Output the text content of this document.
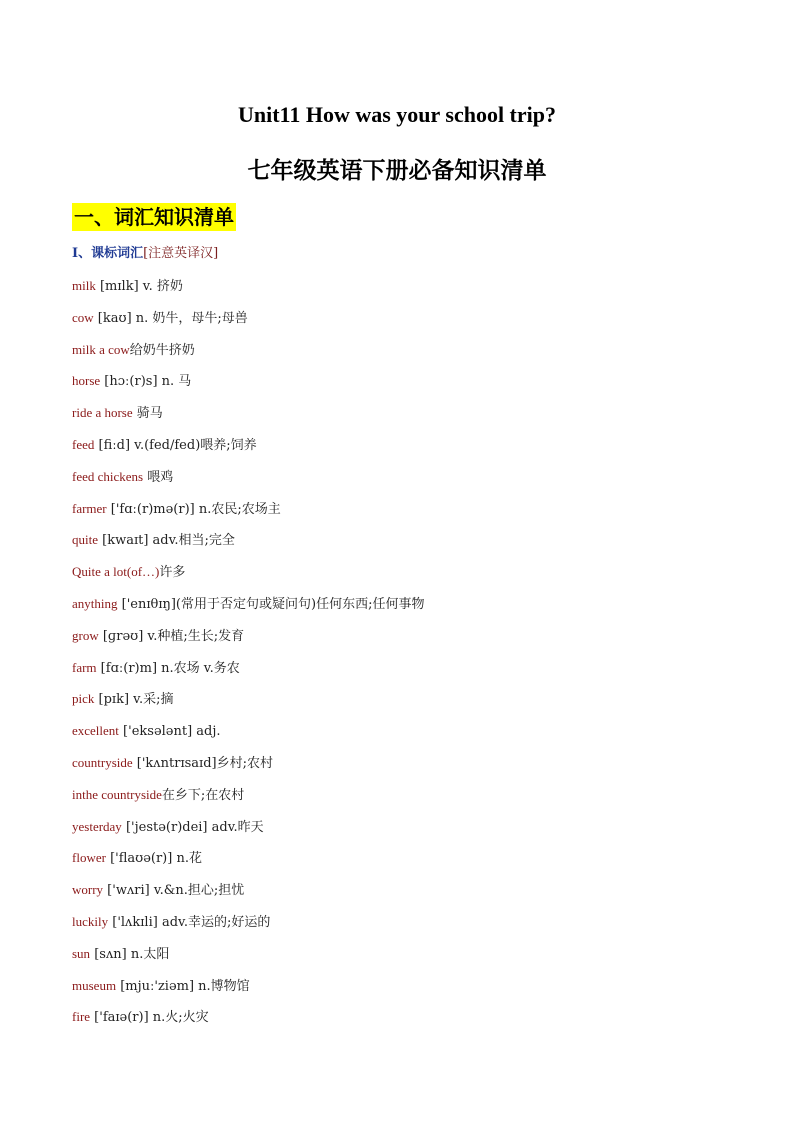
Unit11 How was your school trip?
七年级英语下册必备知识清单
一、词汇知识清单
I、课标词汇[注意英译汉]
milk [mɪlk] v. 挤奶
cow [kaʊ] n. 奶牛，母牛;母兽
milk a cow给奶牛挤奶
horse [hɔː(r)s] n. 马
ride a horse 骑马
feed [fiːd] v.(fed/fed)喂养;饲养
feed chickens 喂鸡
farmer ['fɑː(r)mə(r)] n.农民;农场主
quite [kwaɪt] adv.相当;完全
Quite a lot(of…)许多
anything ['enɪθɪŋ](常用于否定句或疑问句)任何东西;任何事物
grow [ɡrəʊ] v.种植;生长;发育
farm [fɑː(r)m] n.农场 v.务农
pick [pɪk] v.采;摘
excellent ['eksələnt] adj.
countryside ['kʌntrɪsaɪd]乡村;农村
inthe countryside在乡下;在农村
yesterday ['jestə(r)dei] adv.昨天
flower ['flaʊə(r)] n.花
worry ['wʌri] v.&n.担心;担忧
luckily ['lʌkɪli] adv.幸运的;好运的
sun [sʌn] n.太阳
museum [mjuː'ziəm] n.博物馆
fire ['faɪə(r)] n.火;火灾
